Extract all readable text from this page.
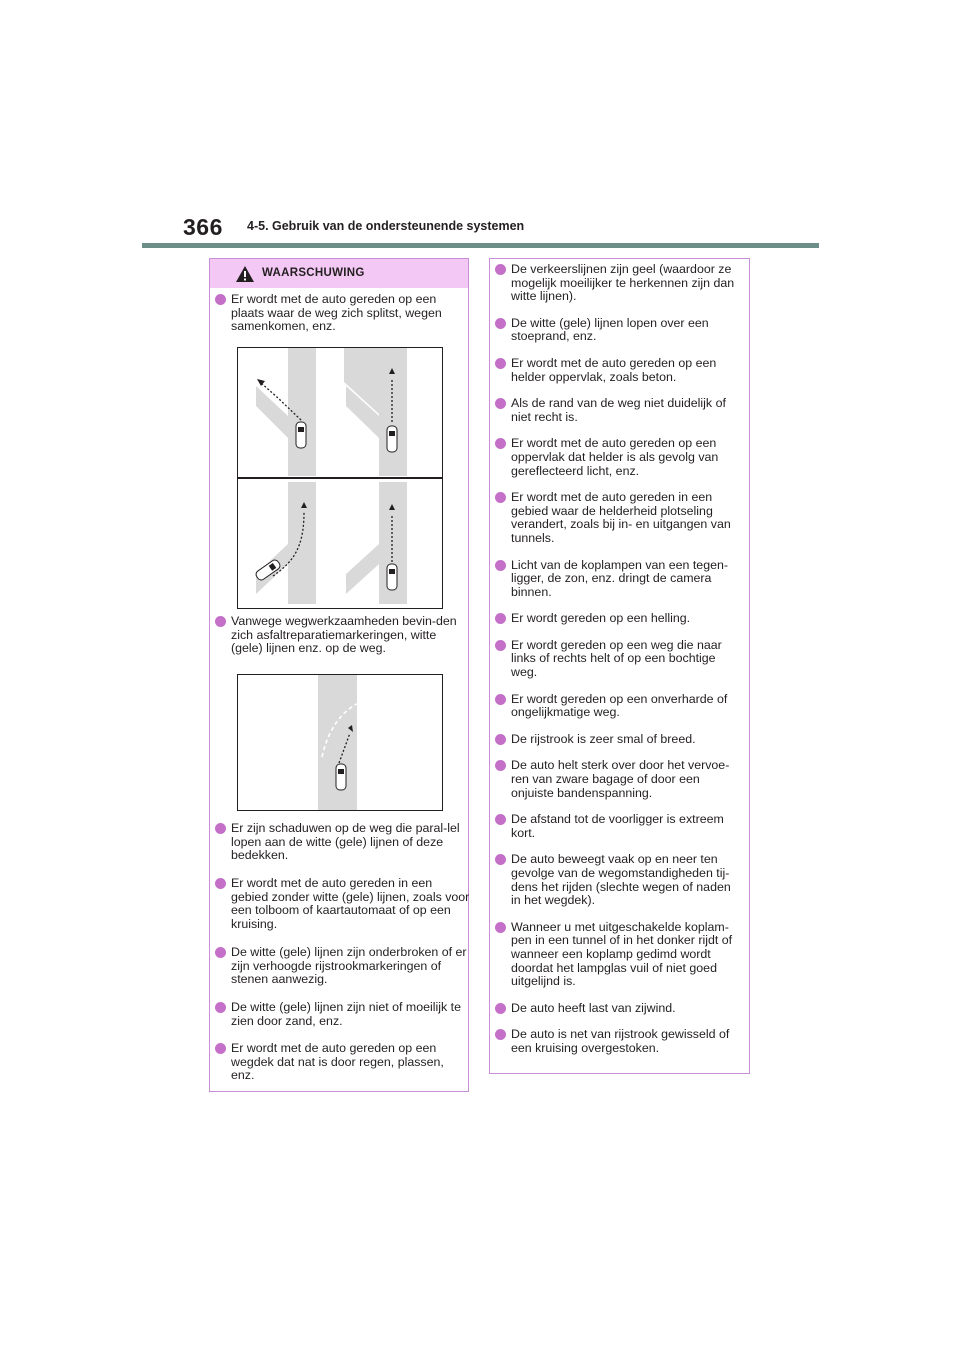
366 4-5. Gebruik van de ondersteunende systemen
WAARSCHUWING

Er wordt met de auto gereden op een plaats waar de weg zich splitst, wegen samenkomen, enz.

Vanwege wegwerkzaamheden bevin-den zich asfaltreparatiemarkeringen, witte (gele) lijnen enz. op de weg.

Er zijn schaduwen op de weg die paral-lel lopen aan de witte (gele) lijnen of deze bedekken.

Er wordt met de auto gereden in een gebied zonder witte (gele) lijnen, zoals voor een tolboom of kaartautomaat of op een kruising.

De witte (gele) lijnen zijn onderbroken of er zijn verhoogde rijstrookmarkeringen of stenen aanwezig.

De witte (gele) lijnen zijn niet of moeilijk te zien door zand, enz.

Er wordt met de auto gereden op een wegdek dat nat is door regen, plassen, enz.

De verkeerslijnen zijn geel (waardoor ze mogelijk moeilijker te herkennen zijn dan witte lijnen).

De witte (gele) lijnen lopen over een stoeprand, enz.

Er wordt met de auto gereden op een helder oppervlak, zoals beton.

Als de rand van de weg niet duidelijk of niet recht is.

Er wordt met de auto gereden op een oppervlak dat helder is als gevolg van gereflecteerd licht, enz.

Er wordt met de auto gereden in een gebied waar de helderheid plotseling verandert, zoals bij in- en uitgangen van tunnels.

Licht van de koplampen van een tegen-ligger, de zon, enz. dringt de camera binnen.

Er wordt gereden op een helling.

Er wordt gereden op een weg die naar links of rechts helt of op een bochtige weg.

Er wordt gereden op een onverharde of ongelijkmatige weg.

De rijstrook is zeer smal of breed.

De auto helt sterk over door het vervoe-ren van zware bagage of door een onjuiste bandenspanning.

De afstand tot de voorligger is extreem kort.

De auto beweegt vaak op en neer ten gevolge van de wegomstandigheden tij-dens het rijden (slechte wegen of naden in het wegdek).

Wanneer u met uitgeschakelde koplam-pen in een tunnel of in het donker rijdt of wanneer een koplamp gedimd wordt doordat het lampglas vuil of niet goed uitgelijnd is.

De auto heeft last van zijwind.

De auto is net van rijstrook gewisseld of een kruising overgestoken.
